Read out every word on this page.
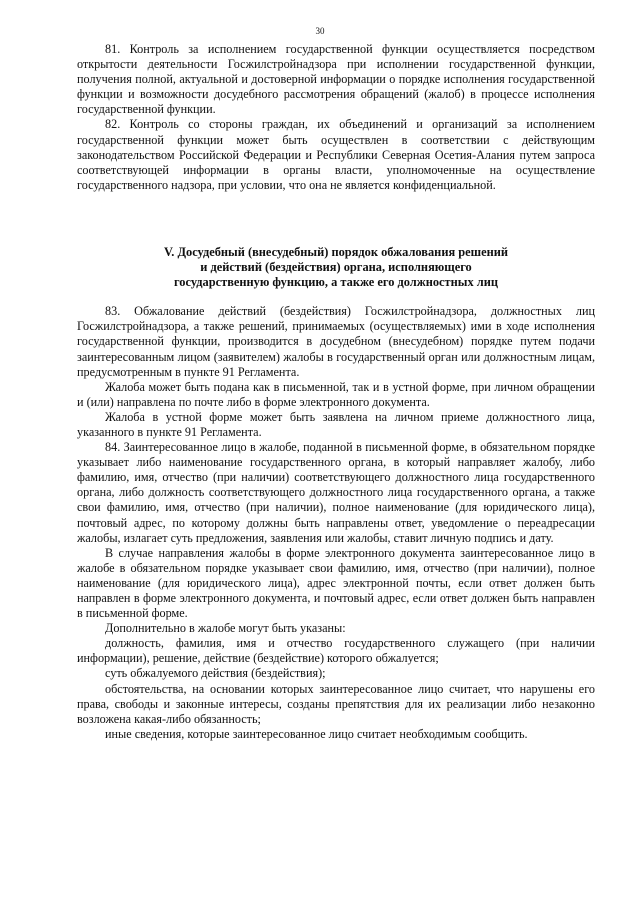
30

81. Контроль за исполнением государственной функции осуществляется посредством открытости деятельности Госжилстройнадзора при исполнении государственной функции, получения полной, актуальной и достоверной информации о порядке исполнения государственной функции и возможности досудебного рассмотрения обращений (жалоб) в процессе исполнения государственной функции.

82. Контроль со стороны граждан, их объединений и организаций за исполнением государственной функции может быть осуществлен в соответствии с действующим законодательством Российской Федерации и Республики Северная Осетия-Алания путем запроса соответствующей информации в органы власти, уполномоченные на осуществление государственного надзора, при условии, что она не является конфиденциальной.

V. Досудебный (внесудебный) порядок обжалования решений
и действий (бездействия) органа, исполняющего
государственную функцию, а также его должностных лиц

83. Обжалование действий (бездействия) Госжилстройнадзора, должностных лиц Госжилстройнадзора, а также решений, принимаемых (осуществляемых) ими в ходе исполнения государственной функции, производится в досудебном (внесудебном) порядке путем подачи заинтересованным лицом (заявителем) жалобы в государственный орган или должностным лицам, предусмотренным в пункте 91 Регламента.

Жалоба может быть подана как в письменной, так и в устной форме, при личном обращении и (или) направлена по почте либо в форме электронного документа.

Жалоба в устной форме может быть заявлена на личном приеме должностного лица, указанного в пункте 91 Регламента.

84. Заинтересованное лицо в жалобе, поданной в письменной форме, в обязательном порядке указывает либо наименование государственного органа, в который направляет жалобу, либо фамилию, имя, отчество (при наличии) соответствующего должностного лица государственного органа, либо должность соответствующего должностного лица государственного органа, а также свои фамилию, имя, отчество (при наличии), полное наименование (для юридического лица), почтовый адрес, по которому должны быть направлены ответ, уведомление о переадресации жалобы, излагает суть предложения, заявления или жалобы, ставит личную подпись и дату.

В случае направления жалобы в форме электронного документа заинтересованное лицо в жалобе в обязательном порядке указывает свои фамилию, имя, отчество (при наличии), полное наименование (для юридического лица), адрес электронной почты, если ответ должен быть направлен в форме электронного документа, и почтовый адрес, если ответ должен быть направлен в письменной форме.

Дополнительно в жалобе могут быть указаны:

должность, фамилия, имя и отчество государственного служащего (при наличии информации), решение, действие (бездействие) которого обжалуется;

суть обжалуемого действия (бездействия);

обстоятельства, на основании которых заинтересованное лицо считает, что нарушены его права, свободы и законные интересы, созданы препятствия для их реализации либо незаконно возложена какая-либо обязанность;

иные сведения, которые заинтересованное лицо считает необходимым сообщить.
